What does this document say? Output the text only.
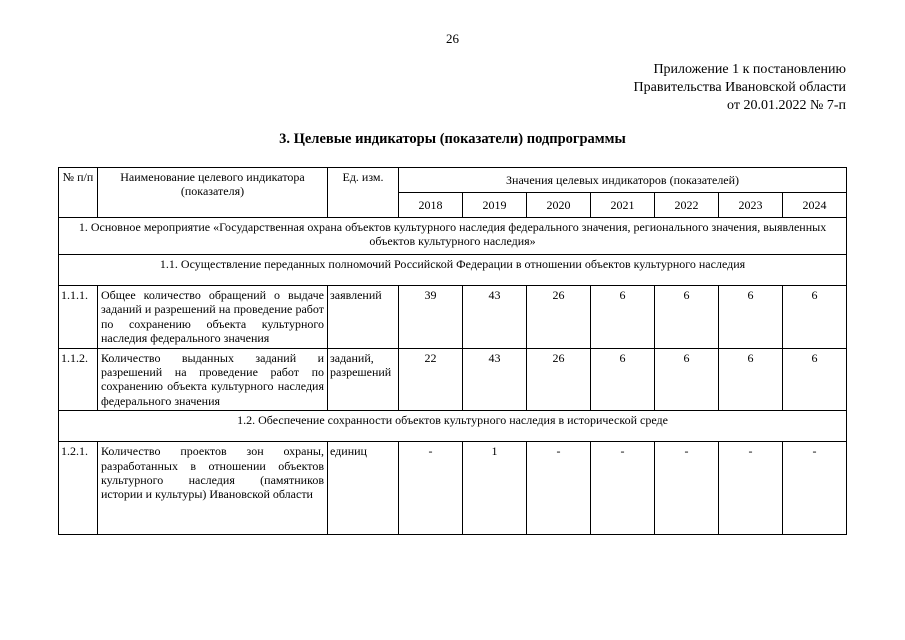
26
Приложение 1 к постановлению
Правительства Ивановской области
от 20.01.2022 № 7-п
3. Целевые индикаторы (показатели) подпрограммы
№ п/п	Наименование целевого индикатора (показателя)	Ед. изм.	Значения целевых индикаторов (показателей)						
			2018	2019	2020	2021	2022	2023	2024
1. Основное мероприятие «Государственная охрана объектов культурного наследия федерального значения, регионального значения, выявленных объектов культурного наследия»									
1.1. Осуществление переданных полномочий Российской Федерации в отношении объектов культурного наследия									
1.1.1.	Общее количество обращений о выдаче заданий и разрешений на проведение работ по сохранению объекта культурного наследия федерального значения	заявлений	39	43	26	6	6	6	6
1.1.2.	Количество выданных заданий и разрешений на проведение работ по сохранению объекта культурного наследия федерального значения	заданий, разрешений	22	43	26	6	6	6	6
1.2. Обеспечение сохранности объектов культурного наследия в исторической среде									
1.2.1.	Количество проектов зон охраны, разработанных в отношении объектов культурного наследия (памятников истории и культуры) Ивановской области	единиц	-	1	-	-	-	-	-
